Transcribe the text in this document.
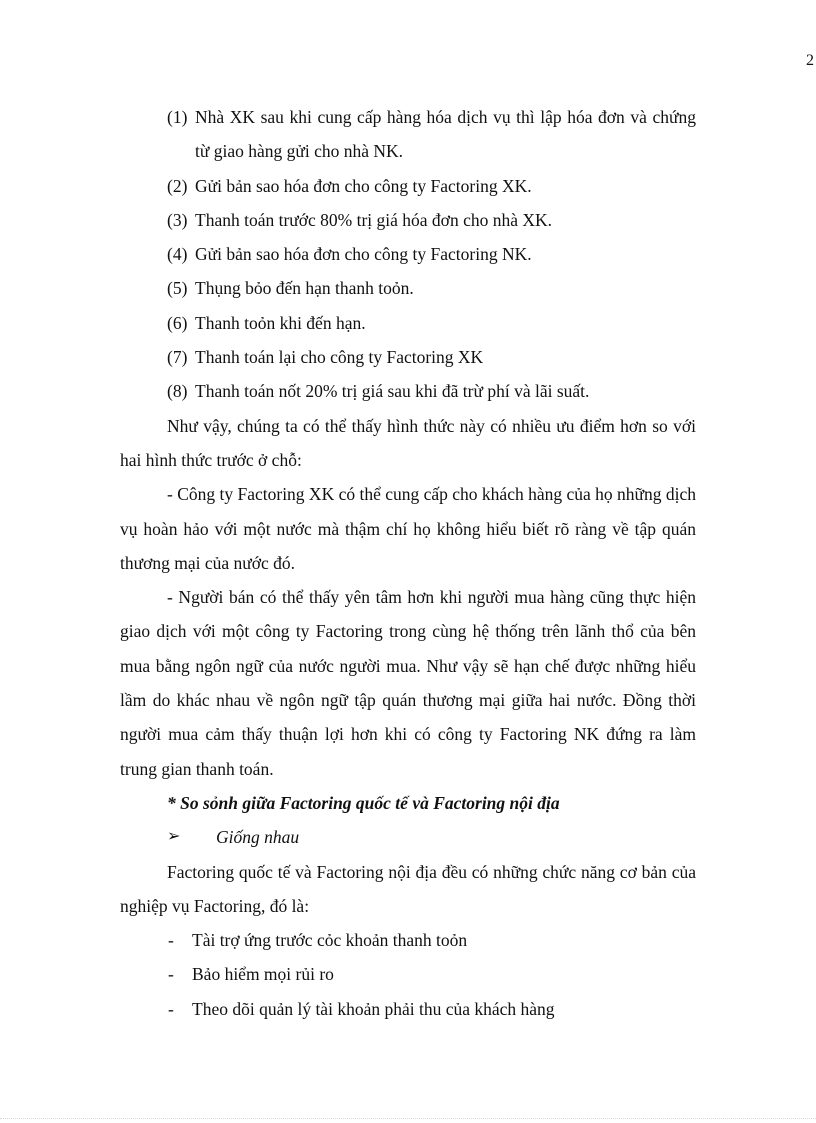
2
(1) Nhà XK sau khi cung cấp hàng hóa dịch vụ thì lập hóa đơn và chứng từ giao hàng gửi cho nhà NK.
(2) Gửi bản sao hóa đơn cho công ty Factoring XK.
(3) Thanh toán trước 80% trị giá hóa đơn cho nhà XK.
(4) Gửi bản sao hóa đơn cho công ty Factoring NK.
(5) Thụng bỏo đến hạn thanh toỏn.
(6) Thanh toỏn khi đến hạn.
(7) Thanh toán lại cho công ty Factoring XK
(8) Thanh toán nốt 20% trị giá sau khi đã trừ phí và lãi suất.

Như vậy, chúng ta có thể thấy hình thức này có nhiều ưu điểm hơn so với hai hình thức trước ở chỗ:

- Công ty Factoring XK có thể cung cấp cho khách hàng của họ những dịch vụ hoàn hảo với một nước mà thậm chí họ không hiểu biết rõ ràng về tập quán thương mại của nước đó.

- Người bán có thể thấy yên tâm hơn khi người mua hàng cũng thực hiện giao dịch với một công ty Factoring trong cùng hệ thống trên lãnh thổ của bên mua bằng ngôn ngữ của nước người mua. Như vậy sẽ hạn chế được những hiểu lầm do khác nhau về ngôn ngữ tập quán thương mại giữa hai nước. Đồng thời người mua cảm thấy thuận lợi hơn khi có công ty Factoring NK đứng ra làm trung gian thanh toán.

* So sỏnh giữa Factoring quốc tế và Factoring nội địa

➢ Giống nhau

Factoring quốc tế và Factoring nội địa đều có những chức năng cơ bản của nghiệp vụ Factoring, đó là:

- Tài trợ ứng trước cỏc khoản thanh toỏn
- Bảo hiểm mọi rủi ro
- Theo dõi quản lý tài khoản phải thu của khách hàng
